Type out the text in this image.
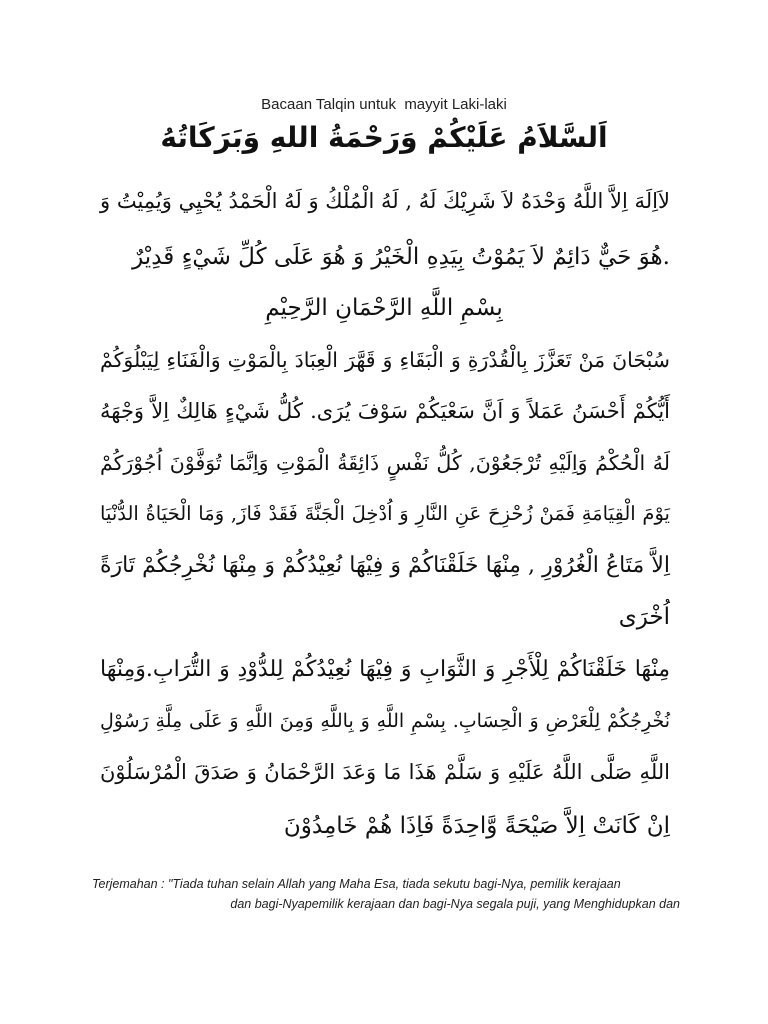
Bacaan Talqin untuk  mayyit Laki-laki
اَلسَّلاَمُ عَلَيْكُمْ وَرَحْمَةُ اللهِ وَبَرَكَاتُهُ
لاَاِلَهَ اِلاَّ اللَّهُ وَحْدَهُ لاَ شَرِيْكَ لَهُ , لَهُ الْمُلْكُ وَ لَهُ الْحَمْدُ يُحْيِي وَيُمِيْتُ وَ
.هُوَ حَيٌّ دَائِمٌ لاَ يَمُوْتُ بِيَدِهِ الْخَيْرُ وَ هُوَ عَلَى كُلِّ شَيْءٍ قَدِيْرٌ
بِسْمِ اللَّهِ الرَّحْمَانِ الرَّحِيْمِ
سُبْحَانَ مَنْ تَعَزَّزَ بِالْقُدْرَةِ وَ الْبَقَاءِ وَ قَهَّرَ الْعِبَادَ بِالْمَوْتِ وَالْفَنَاءِ لِيَبْلُوَكُمْ
أَيُّكُمْ أَحْسَنُ عَمَلاً وَ اَنَّ سَعْيَكُمْ سَوْفَ يُرَى. كُلُّ شَيْءٍ هَالِكٌ اِلاَّ وَجْهَهُ
لَهُ الْحُكْمُ وَاِلَيْهِ تُرْجَعُوْنَ, كُلُّ نَفْسٍ ذَائِقَةُ الْمَوْتِ وَاِنَّمَا تُوَفَّوْنَ اُجُوْرَكُمْ
يَوْمَ الْقِيَامَةِ فَمَنْ زُحْزِحَ عَنِ النَّارِ وَ اُدْخِلَ الْجَنَّةَ فَقَدْ فَازَ, وَمَا الْحَيَاةُ الدُّنْيَا
اِلاَّ مَتَاعُ الْغُرُوْرِ , مِنْهَا خَلَقْنَاكُمْ وَ فِيْهَا نُعِيْدُكُمْ وَ مِنْهَا نُخْرِجُكُمْ تَارَةً
اُخْرَى
مِنْهَا خَلَقْنَاكُمْ لِلْأَجْرِ وَ الثَّوَابِ وَ فِيْهَا نُعِيْدُكُمْ لِلدُّوْدِ وَ التُّرَابِ.وَمِنْهَا
نُخْرِجُكُمْ لِلْعَرْضِ وَ الْحِسَابِ. بِسْمِ اللَّهِ وَ بِاللَّهِ وَمِنَ اللَّهِ وَ عَلَى مِلَّةِ رَسُوْلِ
اللَّهِ صَلَّى اللَّهُ عَلَيْهِ وَ سَلَّمْ هَذَا مَا وَعَدَ الرَّحْمَانُ وَ صَدَقَ الْمُرْسَلُوْنَ
اِنْ كَانَتْ اِلاَّ صَيْحَةً وَّاحِدَةً فَاِذَا هُمْ خَامِدُوْنَ
Terjemahan : "Tiada tuhan selain Allah yang Maha Esa, tiada sekutu bagi-Nya, pemilik kerajaan
dan bagi-Nyapemilik kerajaan dan bagi-Nya segala puji, yang Menghidupkan dan
